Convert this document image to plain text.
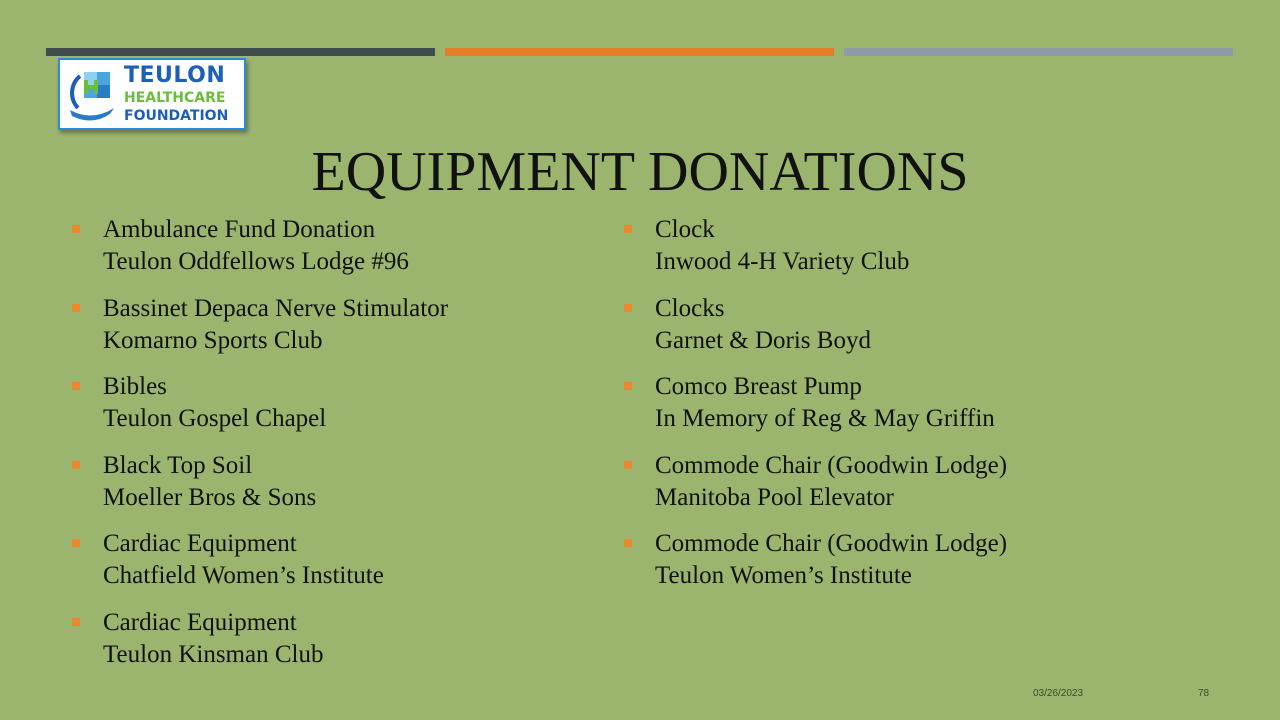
TEULON
HEALTHCARE
FOUNDATION
EQUIPMENT DONATIONS
Ambulance Fund Donation
Teulon Oddfellows Lodge #96
Bassinet Depaca Nerve Stimulator
Komarno Sports Club
Bibles
Teulon Gospel Chapel
Black Top Soil
Moeller Bros & Sons
Cardiac Equipment
Chatfield Women’s Institute
Cardiac Equipment
Teulon Kinsman Club
Clock
Inwood 4-H Variety Club
Clocks
Garnet & Doris Boyd
Comco Breast Pump
In Memory of Reg & May Griffin
Commode Chair (Goodwin Lodge)
Manitoba Pool Elevator
Commode Chair (Goodwin Lodge)
Teulon Women’s Institute
03/26/2023	78
